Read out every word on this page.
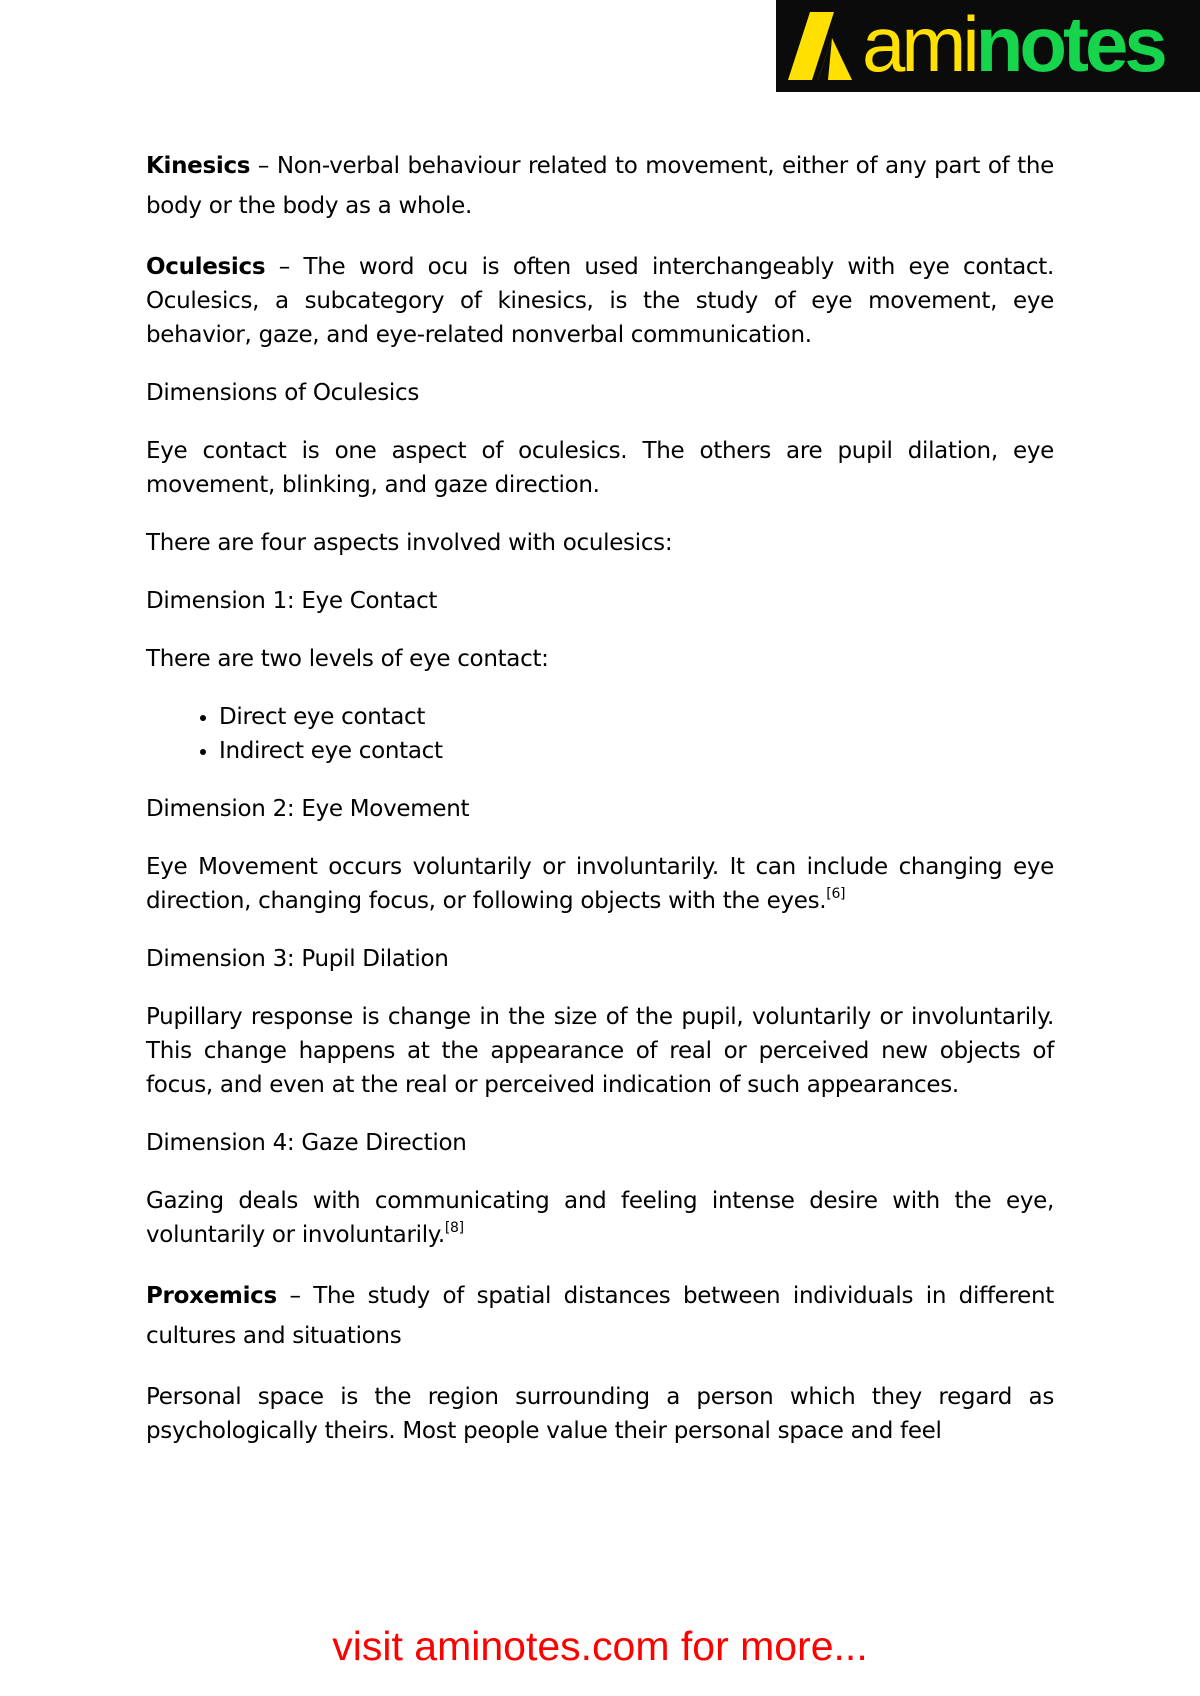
aminotes

Kinesics – Non-verbal behaviour related to movement, either of any part of the body or the body as a whole.

Oculesics – The word ocu is often used interchangeably with eye contact. Oculesics, a subcategory of kinesics, is the study of eye movement, eye behavior, gaze, and eye-related nonverbal communication.

Dimensions of Oculesics

Eye contact is one aspect of oculesics. The others are pupil dilation, eye movement, blinking, and gaze direction.

There are four aspects involved with oculesics:

Dimension 1: Eye Contact

There are two levels of eye contact:

• Direct eye contact
• Indirect eye contact

Dimension 2: Eye Movement

Eye Movement occurs voluntarily or involuntarily. It can include changing eye direction, changing focus, or following objects with the eyes.[6]

Dimension 3: Pupil Dilation

Pupillary response is change in the size of the pupil, voluntarily or involuntarily. This change happens at the appearance of real or perceived new objects of focus, and even at the real or perceived indication of such appearances.

Dimension 4: Gaze Direction

Gazing deals with communicating and feeling intense desire with the eye, voluntarily or involuntarily.[8]

Proxemics – The study of spatial distances between individuals in different cultures and situations

Personal space is the region surrounding a person which they regard as psychologically theirs. Most people value their personal space and feel

visit aminotes.com for more...
